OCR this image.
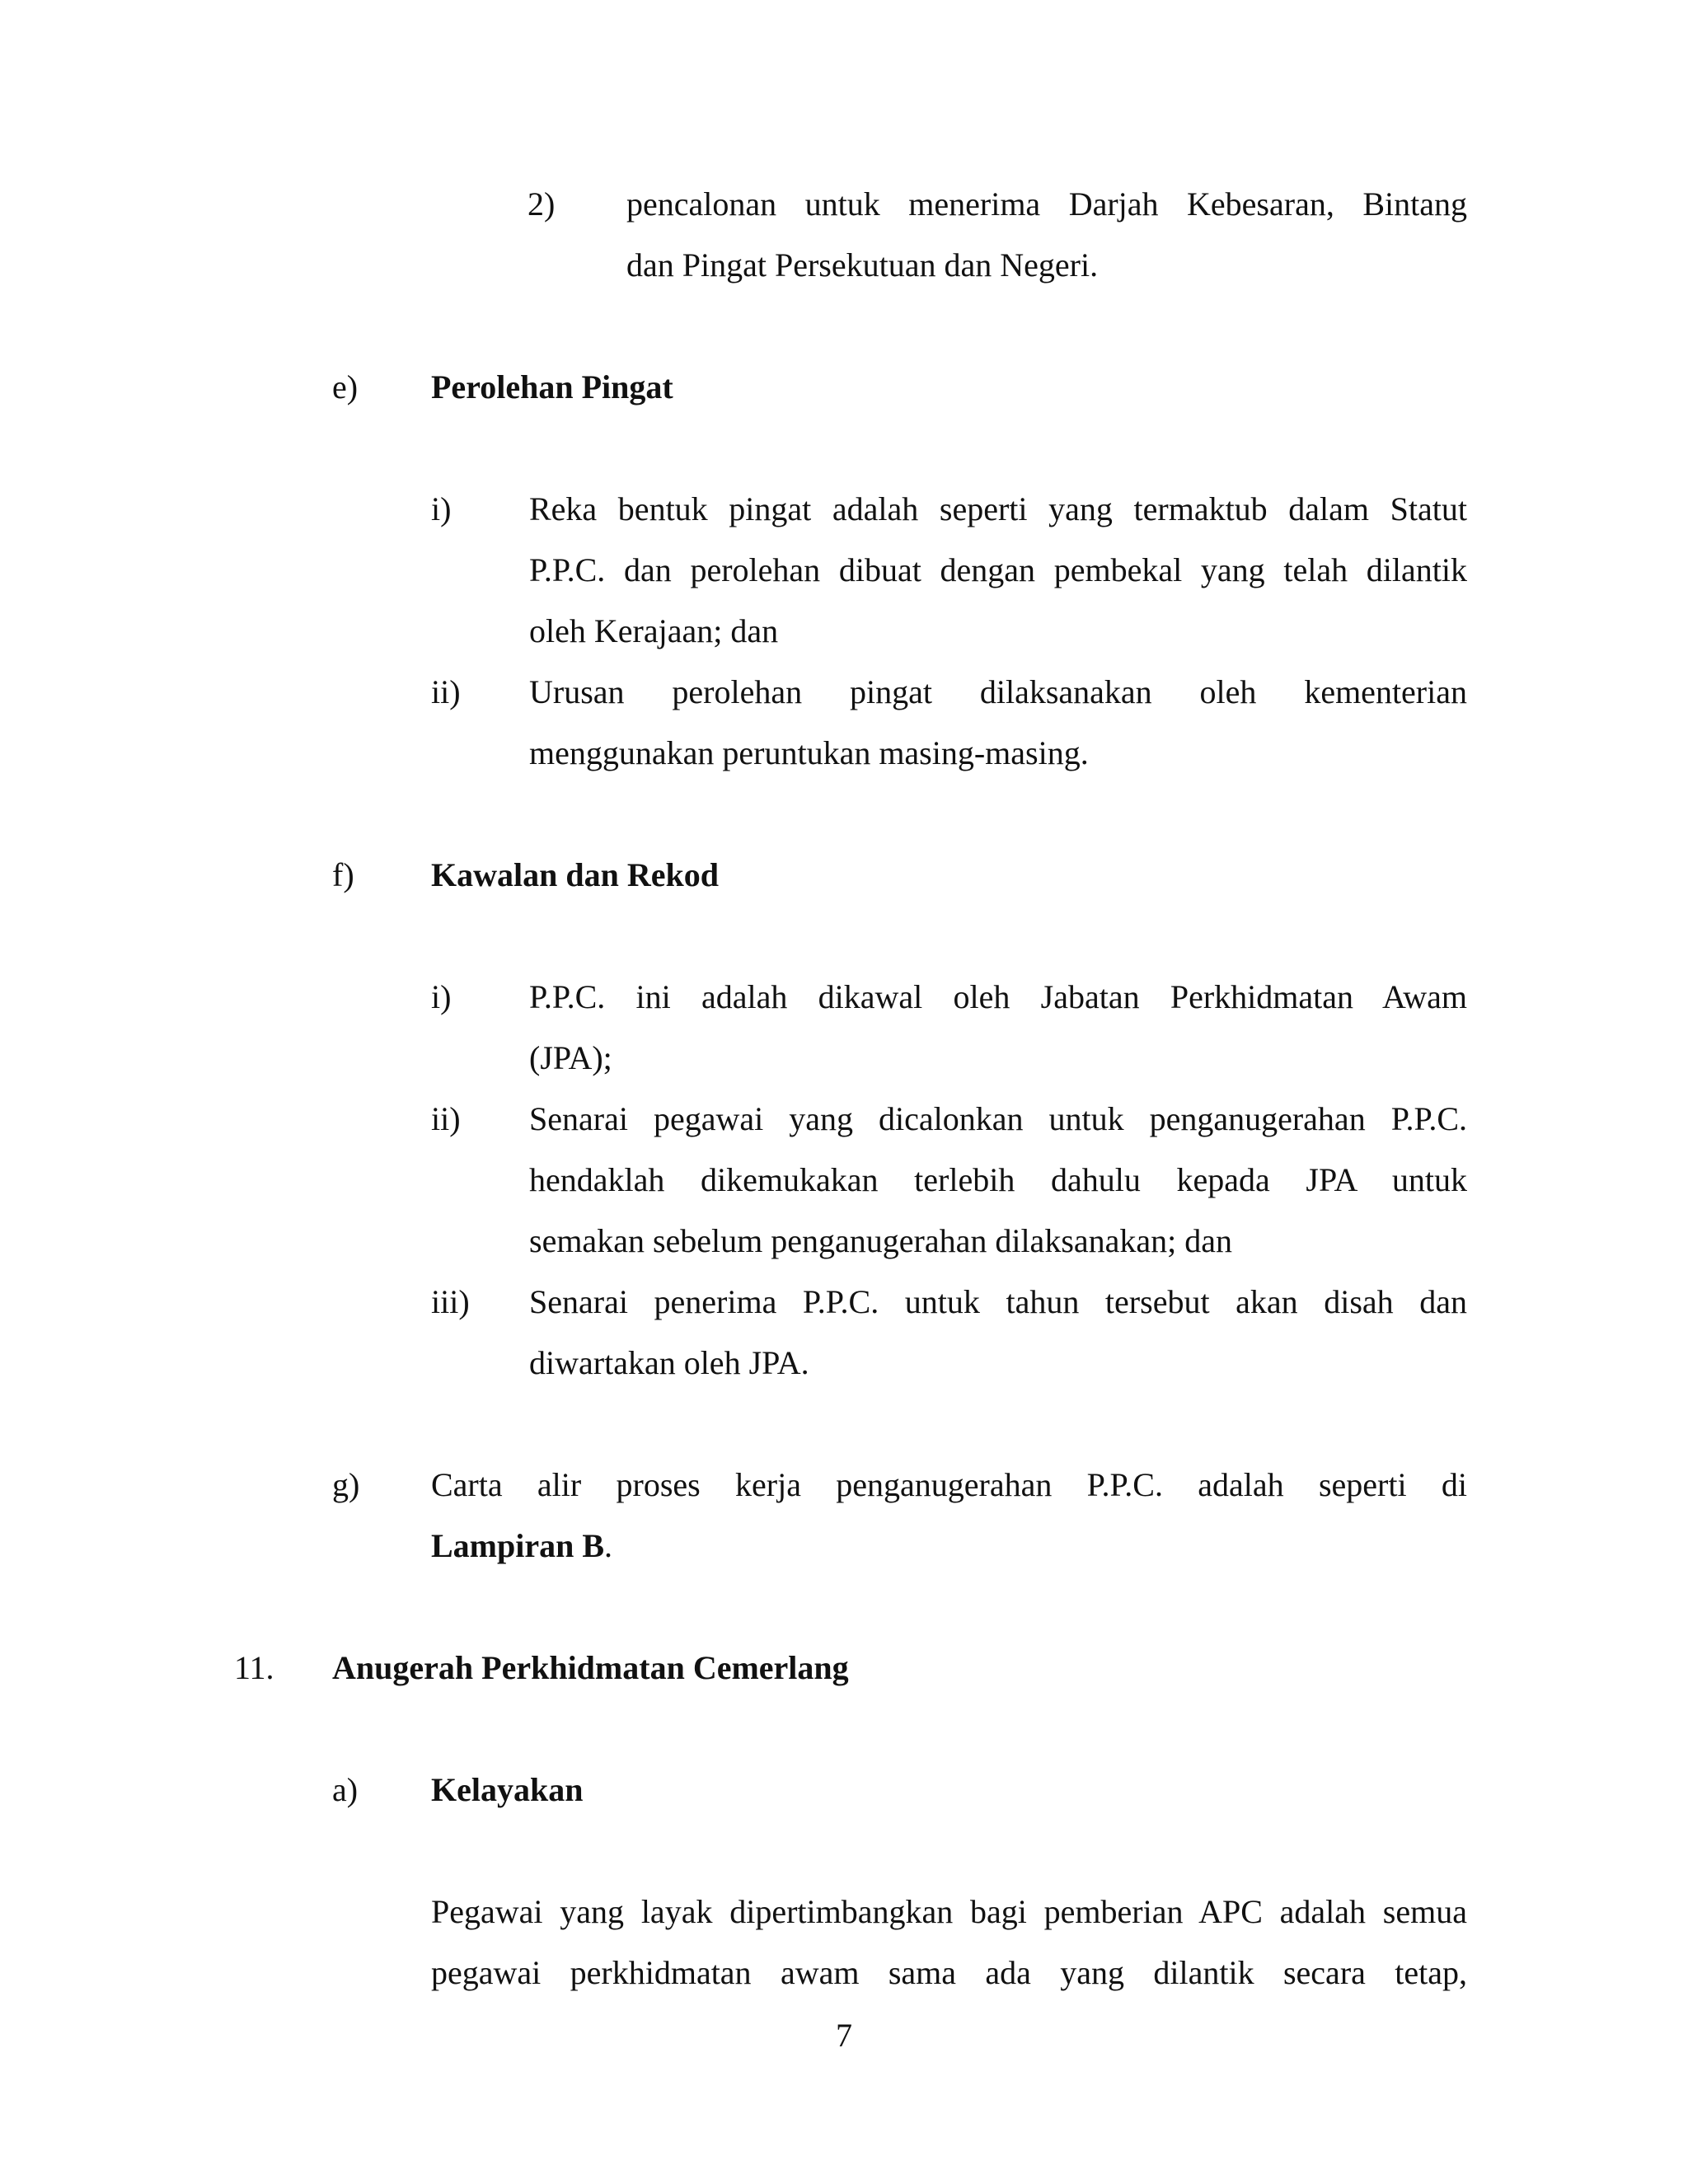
2) pencalonan untuk menerima Darjah Kebesaran, Bintang
dan Pingat Persekutuan dan Negeri.
e) Perolehan Pingat
i) Reka bentuk pingat adalah seperti yang termaktub dalam Statut
P.P.C. dan perolehan dibuat dengan pembekal yang telah dilantik
oleh Kerajaan; dan
ii) Urusan perolehan pingat dilaksanakan oleh kementerian
menggunakan peruntukan masing-masing.
f) Kawalan dan Rekod
i) P.P.C. ini adalah dikawal oleh Jabatan Perkhidmatan Awam
(JPA);
ii) Senarai pegawai yang dicalonkan untuk penganugerahan P.P.C.
hendaklah dikemukakan terlebih dahulu kepada JPA untuk
semakan sebelum penganugerahan dilaksanakan; dan
iii) Senarai penerima P.P.C. untuk tahun tersebut akan disah dan
diwartakan oleh JPA.
g) Carta alir proses kerja penganugerahan P.P.C. adalah seperti di
Lampiran B.
11. Anugerah Perkhidmatan Cemerlang
a) Kelayakan
Pegawai yang layak dipertimbangkan bagi pemberian APC adalah semua
pegawai perkhidmatan awam sama ada yang dilantik secara tetap,
7
